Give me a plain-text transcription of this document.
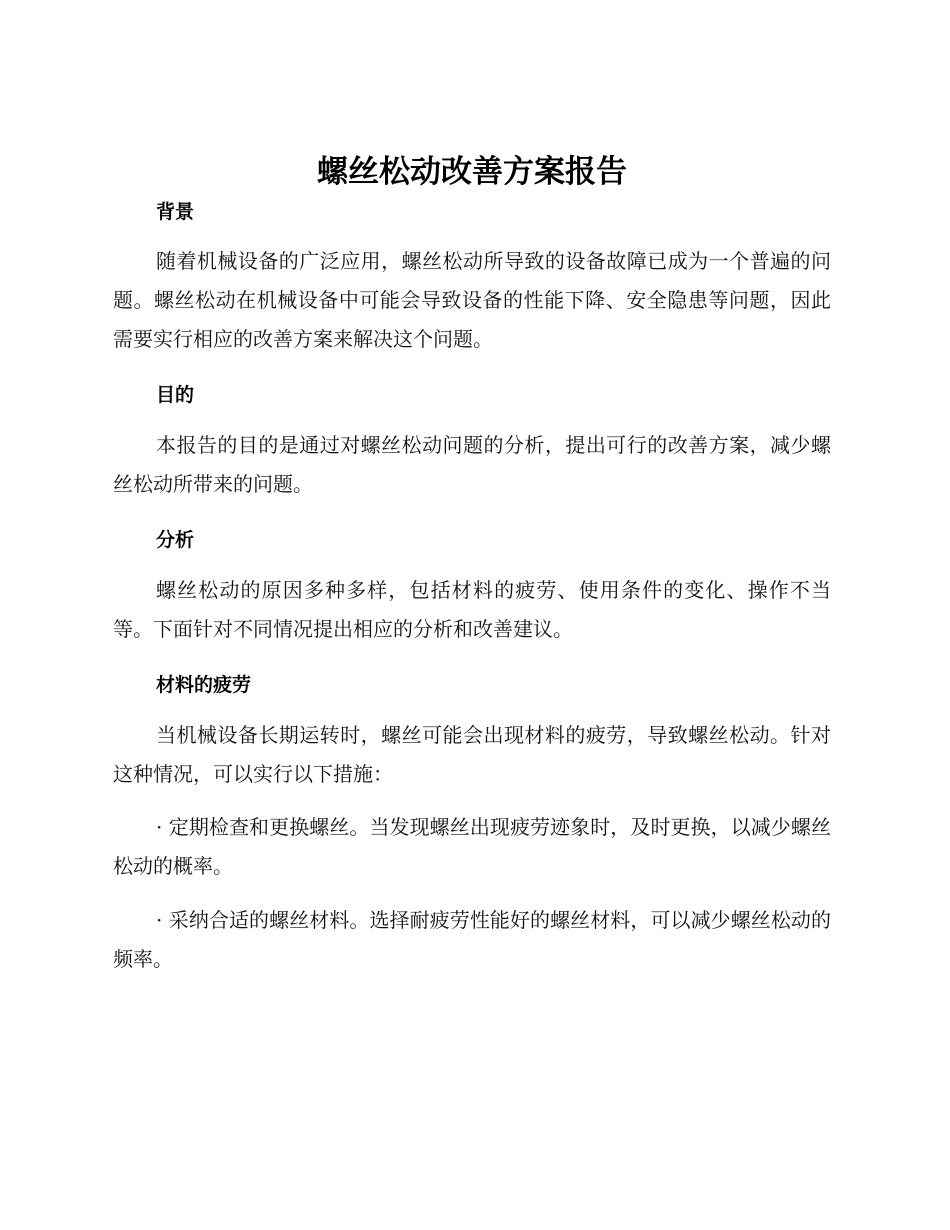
螺丝松动改善方案报告
背景

随着机械设备的广泛应用，螺丝松动所导致的设备故障已成为一个普遍的问题。螺丝松动在机械设备中可能会导致设备的性能下降、安全隐患等问题，因此需要实行相应的改善方案来解决这个问题。

目的

本报告的目的是通过对螺丝松动问题的分析，提出可行的改善方案，减少螺丝松动所带来的问题。

分析

螺丝松动的原因多种多样，包括材料的疲劳、使用条件的变化、操作不当等。下面针对不同情况提出相应的分析和改善建议。

材料的疲劳

当机械设备长期运转时，螺丝可能会出现材料的疲劳，导致螺丝松动。针对这种情况，可以实行以下措施：

· 定期检查和更换螺丝。当发现螺丝出现疲劳迹象时，及时更换，以减少螺丝松动的概率。

· 采纳合适的螺丝材料。选择耐疲劳性能好的螺丝材料，可以减少螺丝松动的频率。
